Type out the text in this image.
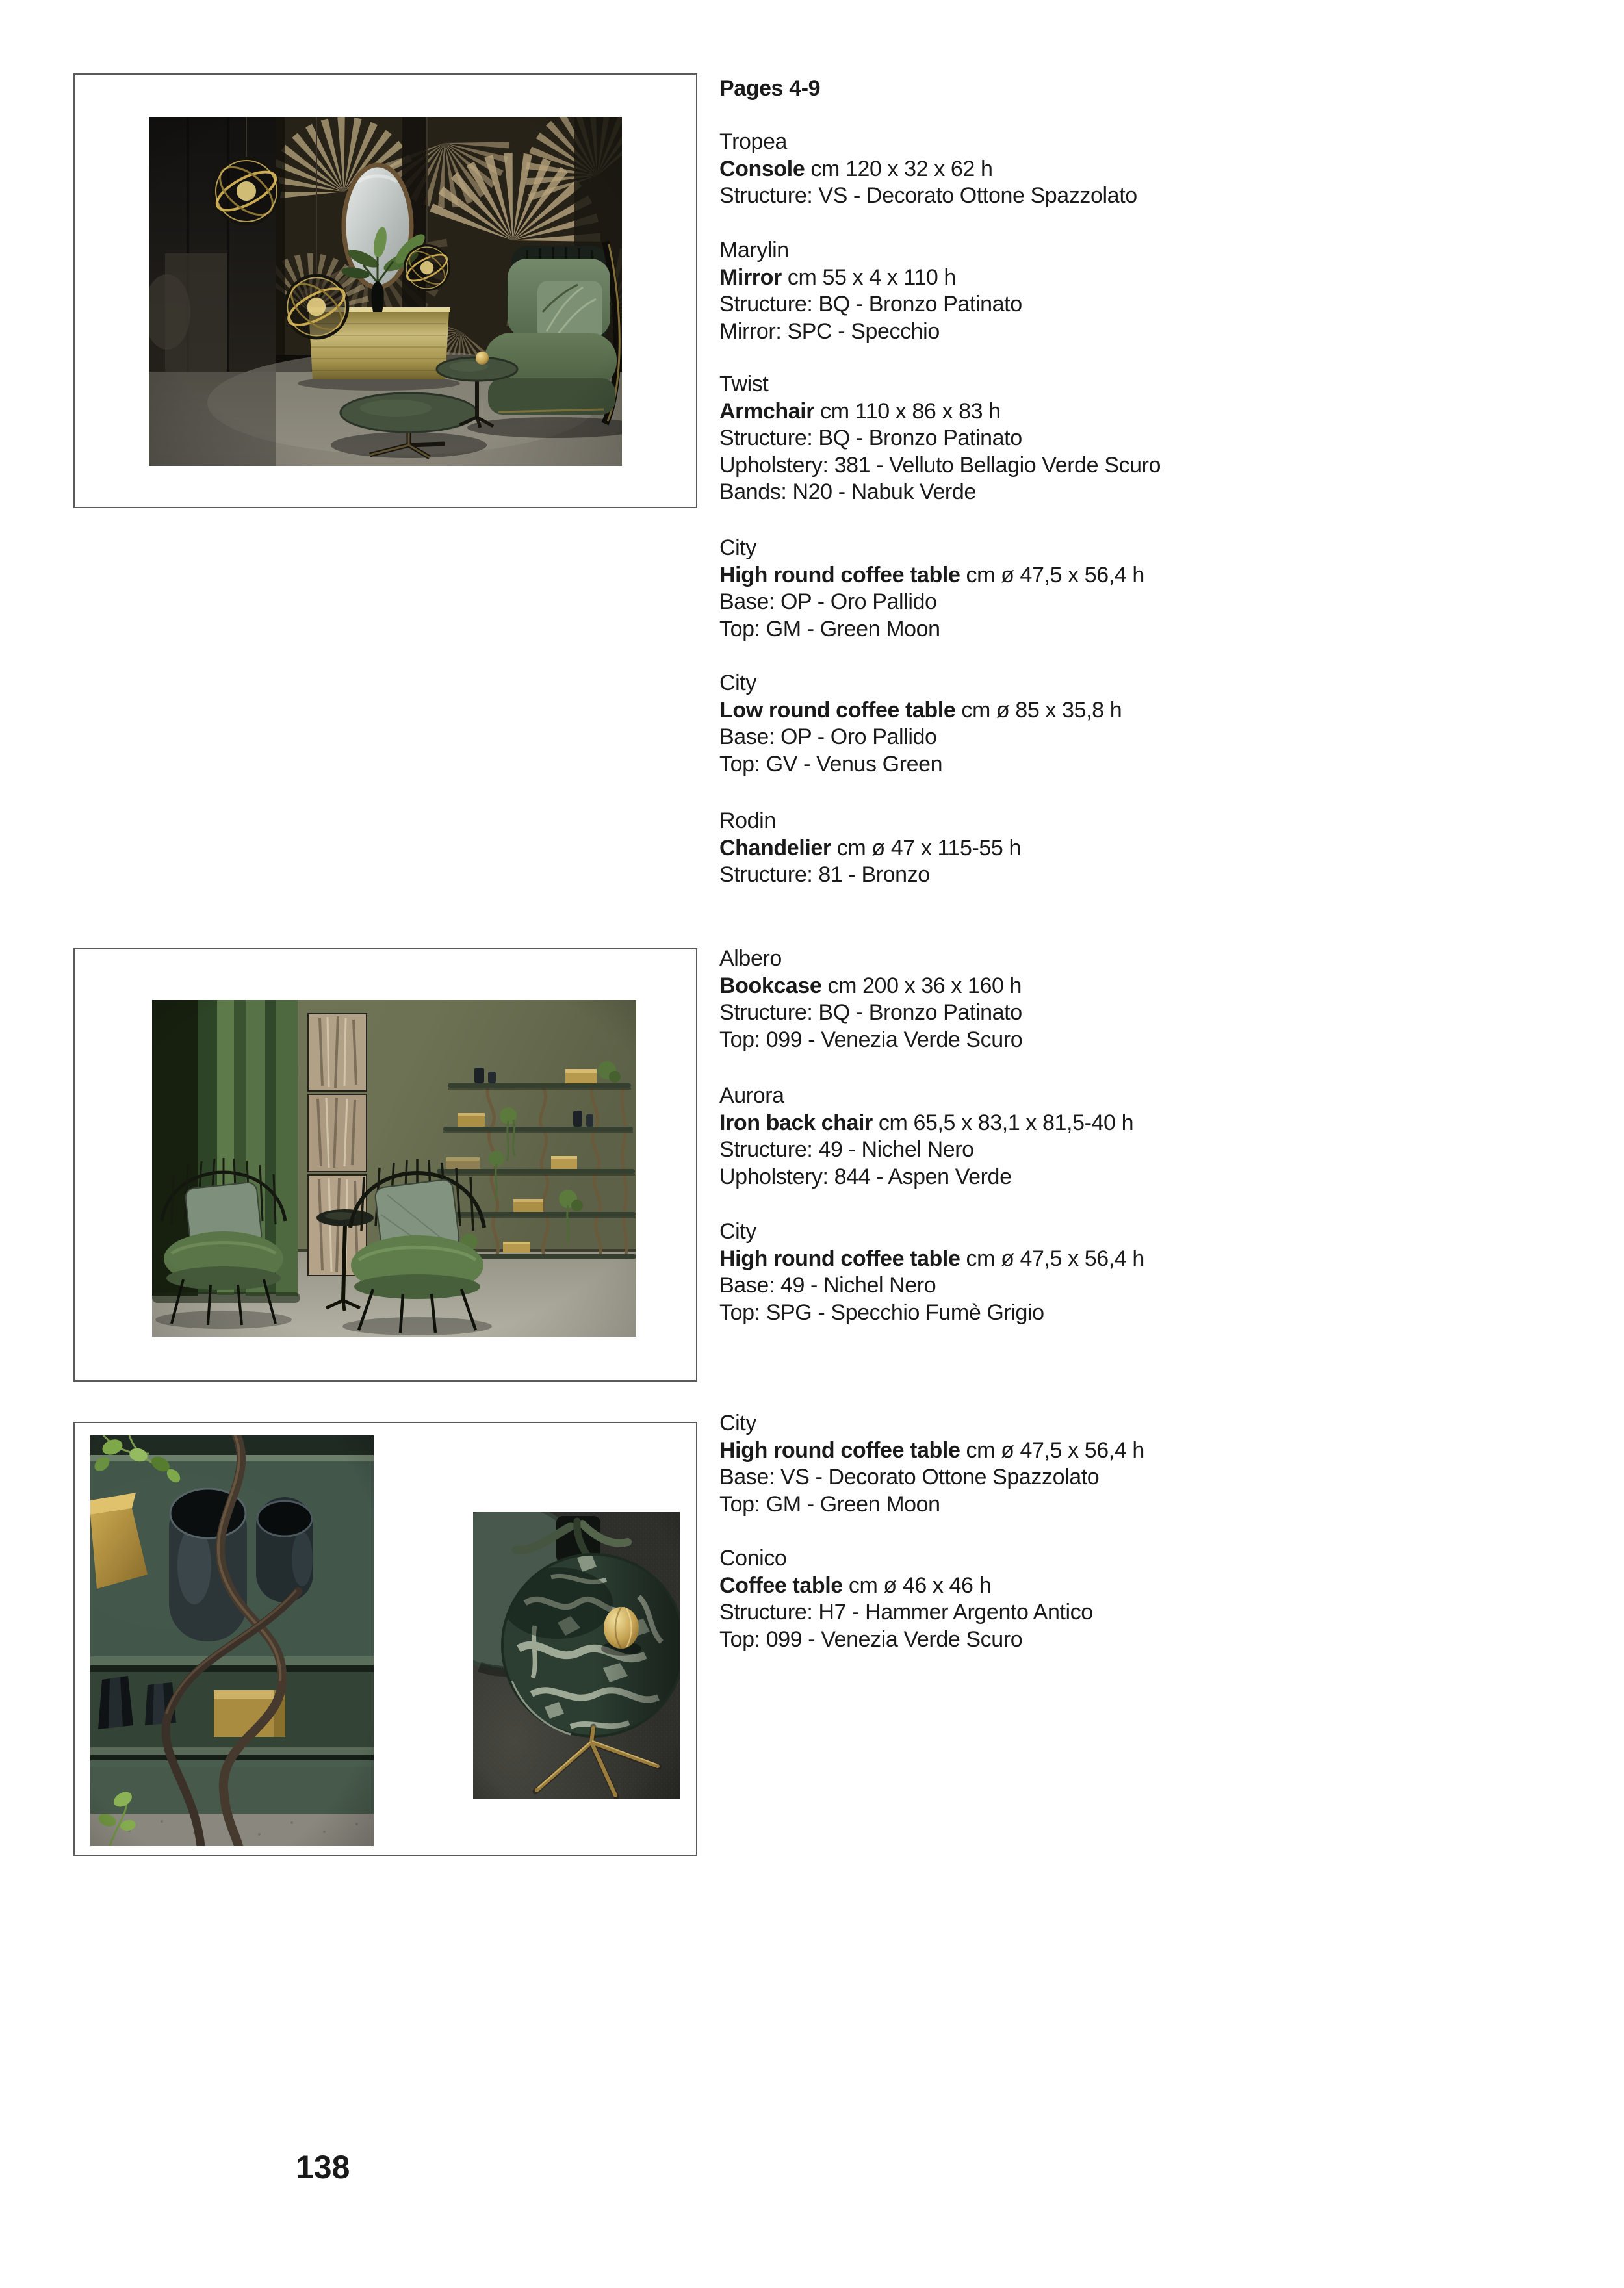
Pages 4-9
Tropea
Console cm 120 x 32 x 62 h
Structure: VS - Decorato Ottone Spazzolato
Marylin
Mirror cm 55 x 4 x 110 h
Structure: BQ - Bronzo Patinato
Mirror: SPC - Specchio
Twist
Armchair cm 110 x 86 x 83 h
Structure: BQ - Bronzo Patinato
Upholstery: 381 - Velluto Bellagio Verde Scuro
Bands: N20 - Nabuk Verde
City
High round coffee table cm ø 47,5 x 56,4 h
Base: OP - Oro Pallido
Top: GM - Green Moon
City
Low round coffee table cm ø 85 x 35,8 h
Base: OP - Oro Pallido
Top: GV - Venus Green
Rodin
Chandelier cm ø 47 x 115-55 h
Structure: 81 - Bronzo
Albero
Bookcase cm 200 x 36 x 160 h
Structure: BQ - Bronzo Patinato
Top: 099 - Venezia Verde Scuro
Aurora
Iron back chair cm 65,5 x 83,1 x 81,5-40 h
Structure: 49 - Nichel Nero
Upholstery: 844 - Aspen Verde
City
High round coffee table cm ø 47,5 x 56,4 h
Base: 49 - Nichel Nero
Top: SPG - Specchio Fumè Grigio
City
High round coffee table cm ø 47,5 x 56,4 h
Base: VS - Decorato Ottone Spazzolato
Top: GM - Green Moon
Conico
Coffee table cm ø 46 x 46 h
Structure: H7 - Hammer Argento Antico
Top: 099 - Venezia Verde Scuro
138
